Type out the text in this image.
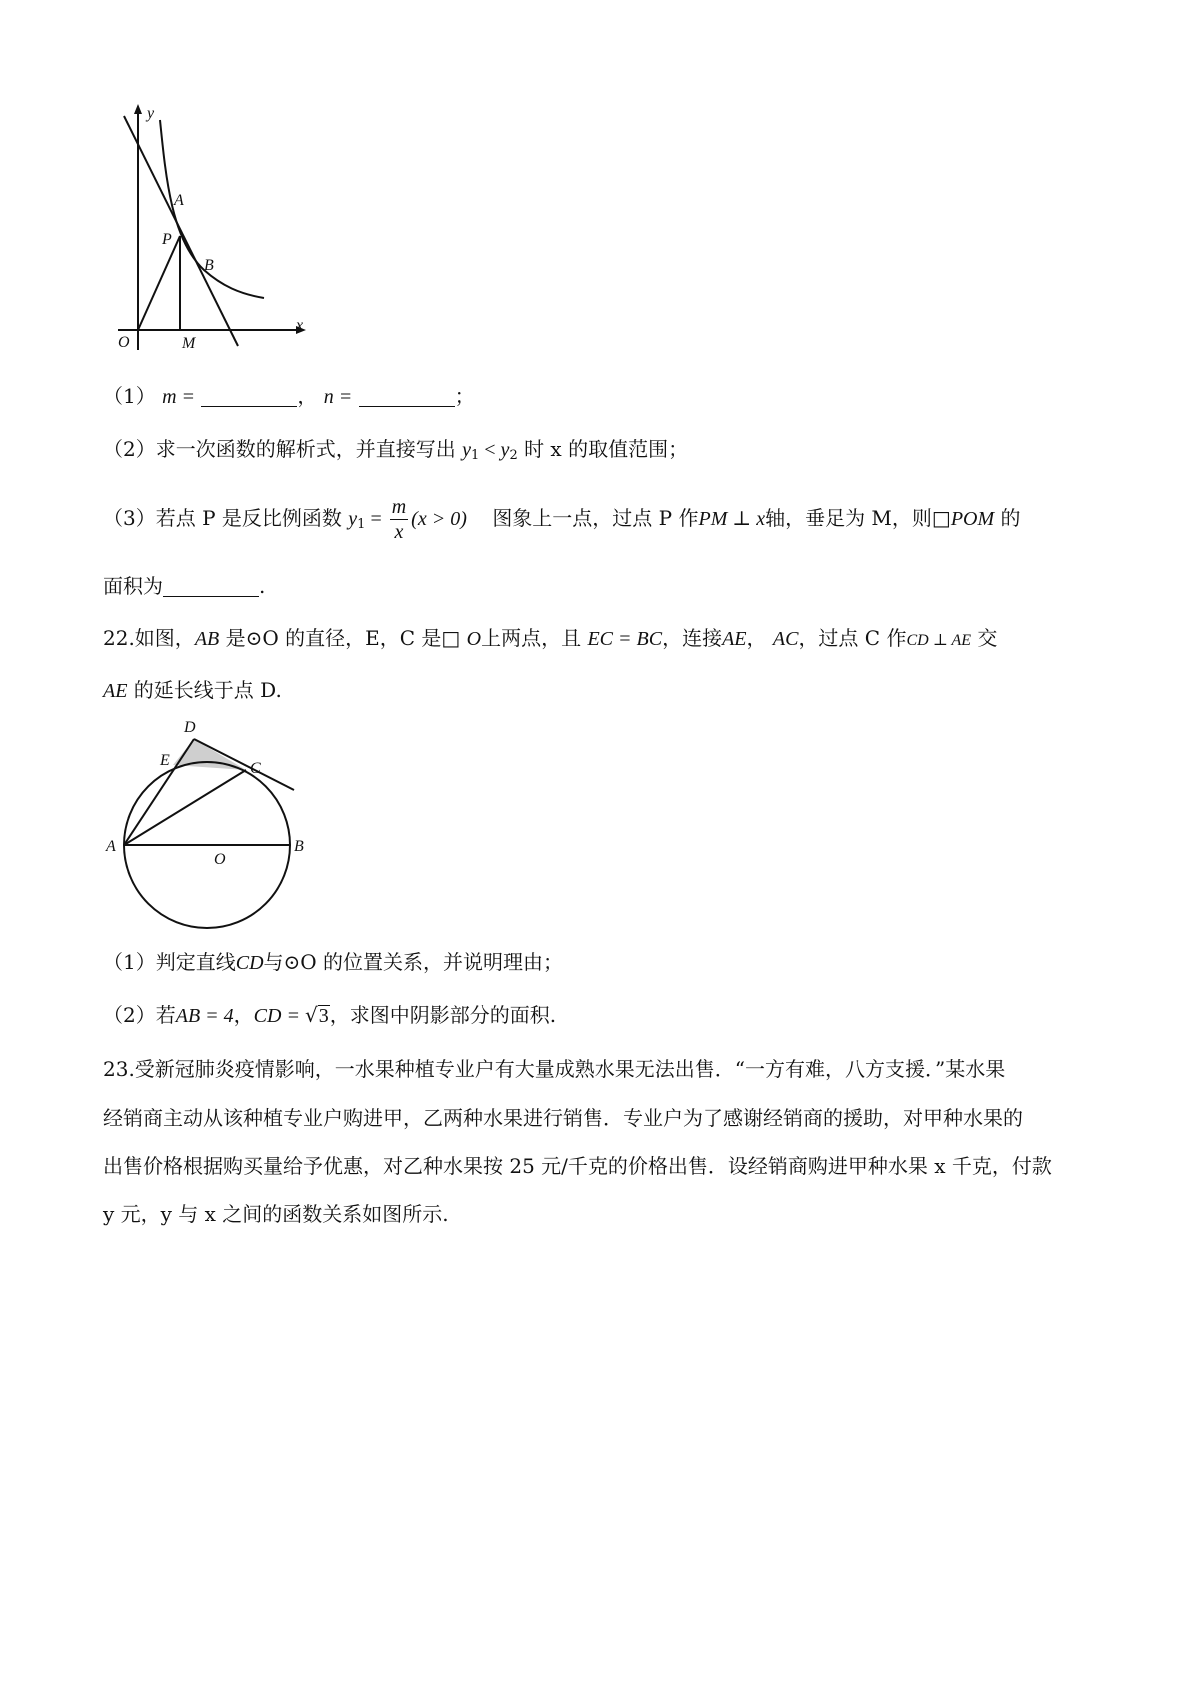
y
x
O	M
A
P
B
（1） m =	， n =	；
（2）求一次函数的解析式，并直接写出 $y_1 < y_2$ 时 x 的取值范围；
（3）若点 P 是反比例函数 $y_1 = \frac{m}{x} (x > 0)$ 图象上一点，过点 P 作PM ⊥ x轴，垂足为 M，则□POM 的
面积为	.
22.如图，AB 是⊙O 的直径，E，C 是□ O上两点，且 EC = BC，连接AE， AC，过点 C 作CD ⊥ AE 交
AE 的延长线于点 D.
D
E	C
A
O
B
（1）判定直线CD与⊙O 的位置关系，并说明理由；
（2）若AB = 4，CD = √3，求图中阴影部分的面积.
23.受新冠肺炎疫情影响，一水果种植专业户有大量成熟水果无法出售．“一方有难，八方支援．”某水果
经销商主动从该种植专业户购进甲，乙两种水果进行销售．专业户为了感谢经销商的援助，对甲种水果的
出售价格根据购买量给予优惠，对乙种水果按 25 元/千克的价格出售．设经销商购进甲种水果 x 千克，付款
y 元，y 与 x 之间的函数关系如图所示.
